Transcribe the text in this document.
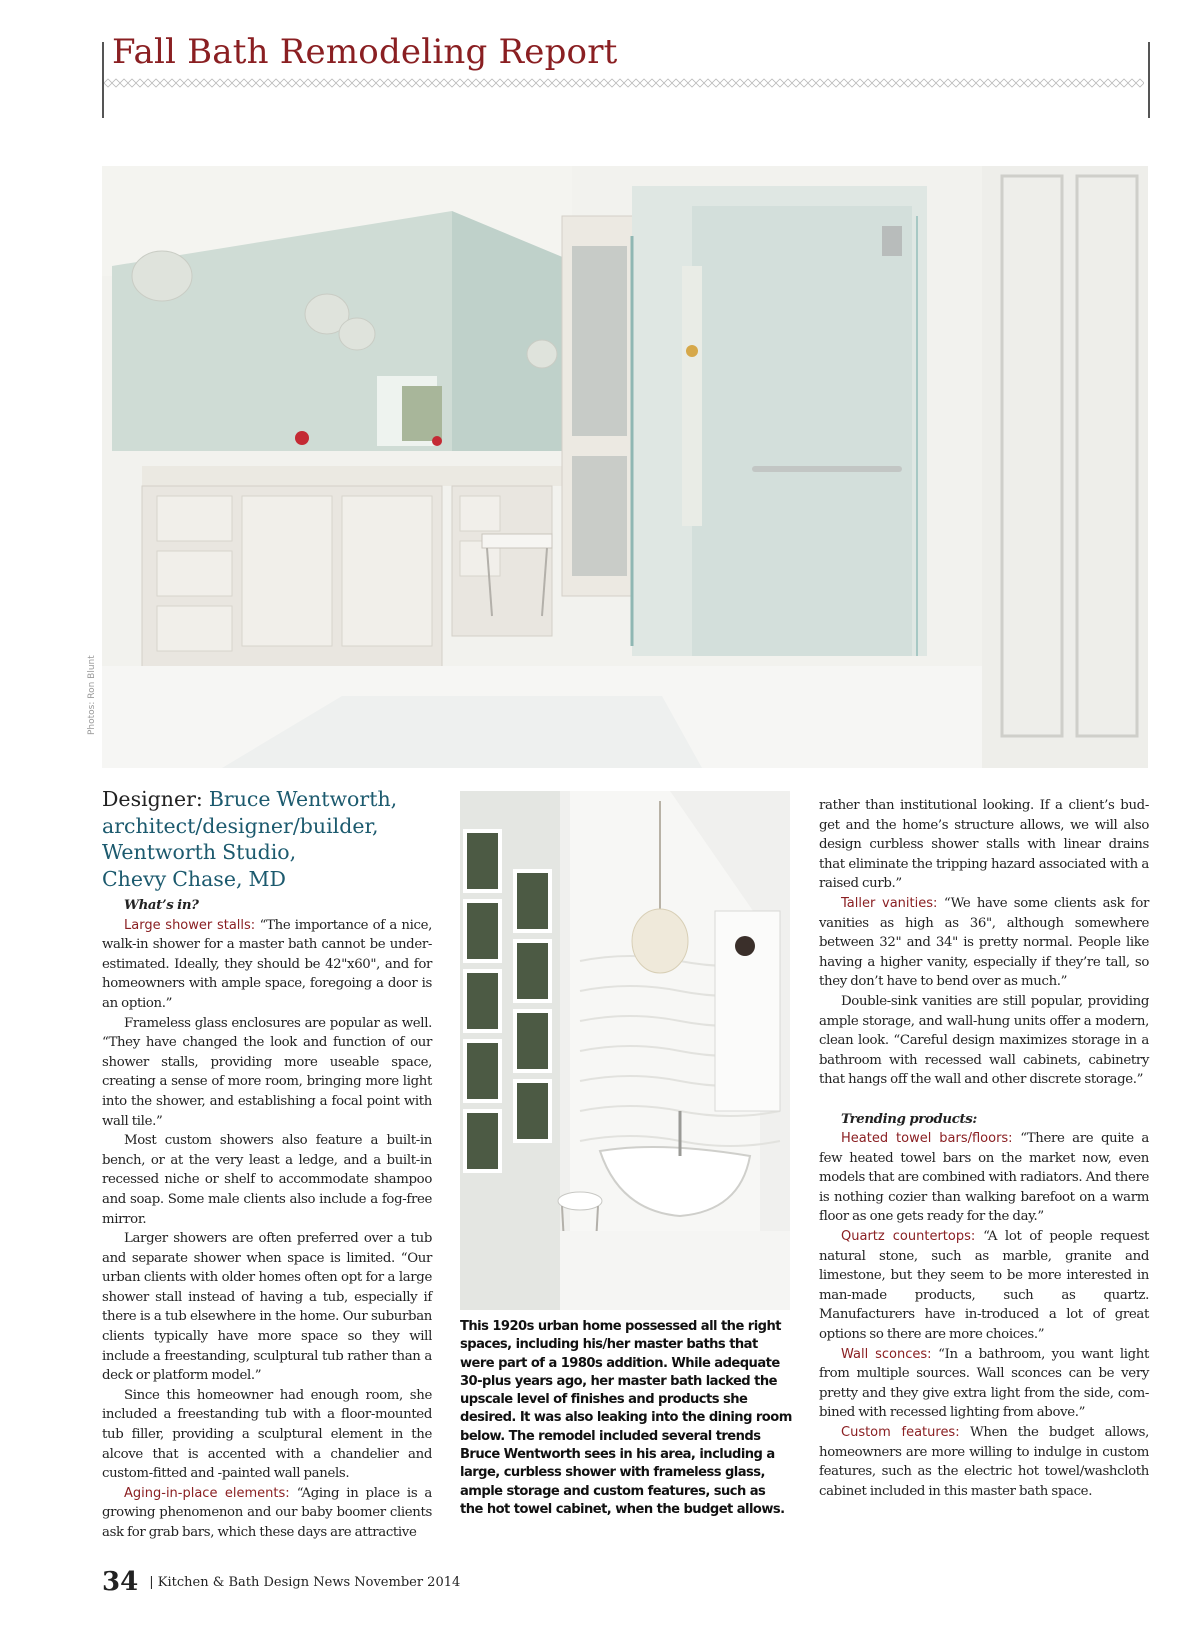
Fall Bath Remodeling Report
Photos: Ron Blunt
Designer: Bruce Wentworth,
architect/designer/builder,
Wentworth Studio,
Chevy Chase, MD
What’s in?

Large shower stalls: “The importance of a nice, walk-in shower for a master bath cannot be under-estimated. Ideally, they should be 42"x60", and for homeowners with ample space, foregoing a door is an option.”

Frameless glass enclosures are popular as well. “They have changed the look and function of our shower stalls, providing more useable space, creating a sense of more room, bringing more light into the shower, and establishing a focal point with wall tile.”

Most custom showers also feature a built-in bench, or at the very least a ledge, and a built-in recessed niche or shelf to accommodate shampoo and soap. Some male clients also include a fog-free mirror.

Larger showers are often preferred over a tub and separate shower when space is limited. “Our urban clients with older homes often opt for a large shower stall instead of having a tub, especially if there is a tub elsewhere in the home. Our suburban clients typically have more space so they will include a freestanding, sculptural tub rather than a deck or platform model.”

Since this homeowner had enough room, she included a freestanding tub with a floor-mounted tub filler, providing a sculptural element in the alcove that is accented with a chandelier and custom-fitted and -painted wall panels.

Aging-in-place elements: “Aging in place is a growing phenomenon and our baby boomer clients ask for grab bars, which these days are attractive

This 1920s urban home possessed all the right spaces, including his/her master baths that were part of a 1980s addition. While adequate 30-plus years ago, her master bath lacked the upscale level of finishes and products she desired. It was also leaking into the dining room below. The remodel included several trends Bruce Wentworth sees in his area, including a large, curbless shower with frameless glass, ample storage and custom features, such as the hot towel cabinet, when the budget allows.

rather than institutional looking. If a client’s bud-get and the home’s structure allows, we will also design curbless shower stalls with linear drains that eliminate the tripping hazard associated with a raised curb.”

Taller vanities: “We have some clients ask for vanities as high as 36", although somewhere between 32" and 34" is pretty normal. People like having a higher vanity, especially if they’re tall, so they don’t have to bend over as much.”

Double-sink vanities are still popular, providing ample storage, and wall-hung units offer a modern, clean look. “Careful design maximizes storage in a bathroom with recessed wall cabinets, cabinetry that hangs off the wall and other discrete storage.”

Trending products:

Heated towel bars/floors: “There are quite a few heated towel bars on the market now, even models that are combined with radiators. And there is nothing cozier than walking barefoot on a warm floor as one gets ready for the day.”

Quartz countertops: “A lot of people request natural stone, such as marble, granite and limestone, but they seem to be more interested in man-made products, such as quartz. Manufacturers have in-troduced a lot of great options so there are more choices.”

Wall sconces: “In a bathroom, you want light from multiple sources. Wall sconces can be very pretty and they give extra light from the side, com-bined with recessed lighting from above.”

Custom features: When the budget allows, homeowners are more willing to indulge in custom features, such as the electric hot towel/washcloth cabinet included in this master bath space.

34 | Kitchen & Bath Design News November 2014
